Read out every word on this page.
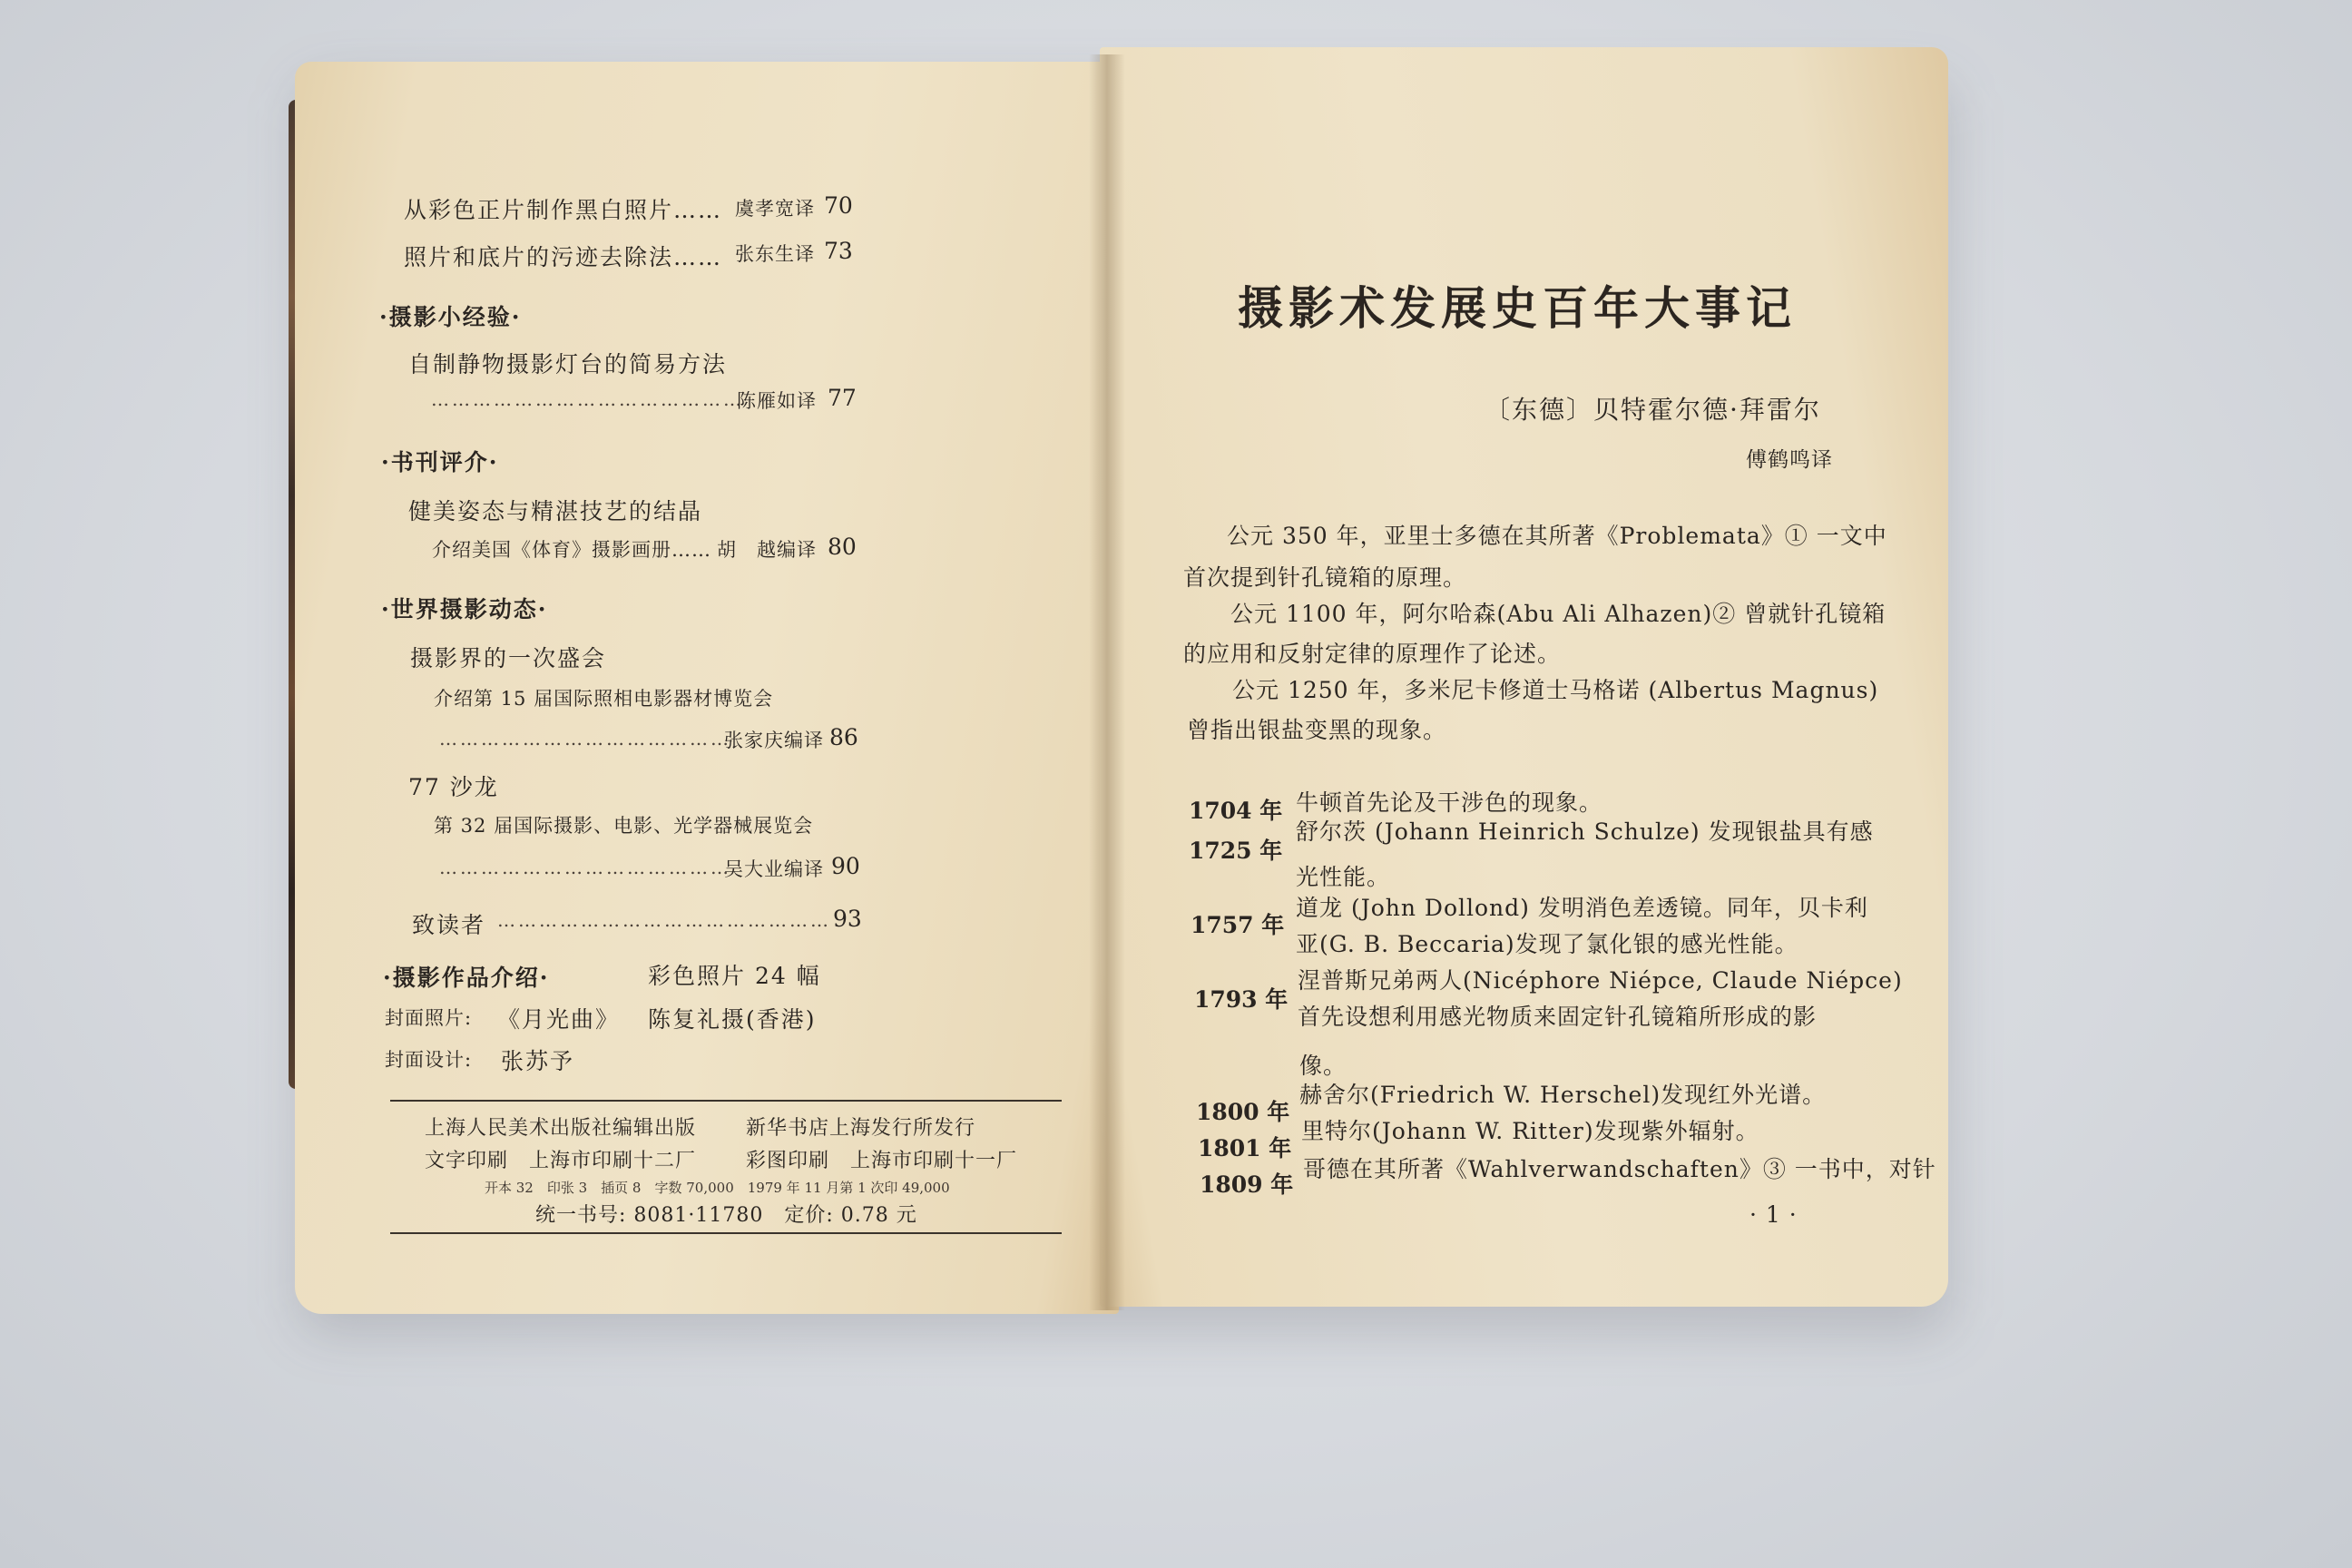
从彩色正片制作黑白照片…… 虞孝宽译 70
照片和底片的污迹去除法…… 张东生译 73
·摄影小经验·
自制静物摄影灯台的简易方法
………………………………………
陈雁如译 77
·书刊评介·
健美姿态与精湛技艺的结晶
介绍美国《体育》摄影画册…… 胡　越编译 80
·世界摄影动态·
摄影界的一次盛会
介绍第 15 届国际照相电影器材博览会
……………………………………
张家庆编译 86
77 沙龙
第 32 届国际摄影、电影、光学器械展览会
……………………………………
吴大业编译 90
致读者 ………………………………………… 93
·摄影作品介绍·	彩色照片 24 幅
封面照片: 《月光曲》 陈复礼摄(香港)
封面设计: 张苏予
上海人民美术出版社编辑出版 新华书店上海发行所发行
文字印刷　上海市印刷十二厂 彩图印刷　上海市印刷十一厂
开本 32　印张 3　插页 8　字数 70,000　1979 年 11 月第 1 次印 49,000
统一书号: 8081·11780　定价: 0.78 元
摄影术发展史百年大事记
〔东德〕贝特霍尔德·拜雷尔
傅鹤鸣译
公元 350 年，亚里士多德在其所著《Problemata》① 一文中
首次提到针孔镜箱的原理。
公元 1100 年，阿尔哈森(Abu Ali Alhazen)② 曾就针孔镜箱
的应用和反射定律的原理作了论述。
公元 1250 年，多米尼卡修道士马格诺 (Albertus Magnus)
曾指出银盐变黑的现象。
1704 年 牛顿首先论及干涉色的现象。
1725 年
舒尔茨 (Johann Heinrich Schulze) 发现银盐具有感
光性能。
1757 年
道龙 (John Dollond) 发明消色差透镜。同年，贝卡利
亚(G. B. Beccaria)发现了氯化银的感光性能。
1793 年
涅普斯兄弟两人(Nicéphore Niépce, Claude Niépce)
首先设想利用感光物质来固定针孔镜箱所形成的影
像。
1800 年
赫舍尔(Friedrich W. Herschel)发现红外光谱。
1801 年
里特尔(Johann W. Ritter)发现紫外辐射。
1809 年
哥德在其所著《Wahlverwandschaften》③ 一书中，对针
· 1 ·
